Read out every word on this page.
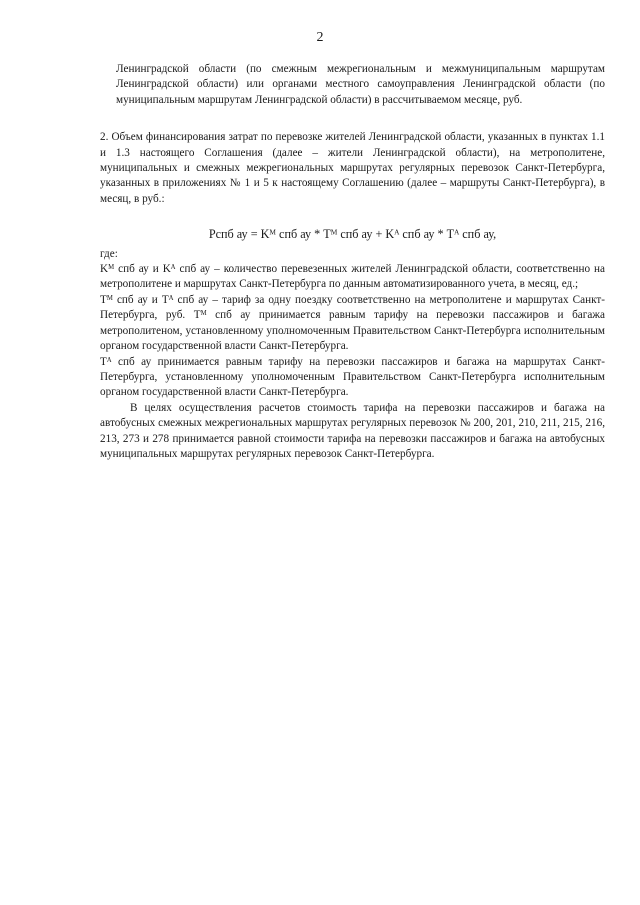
2

Ленинградской области (по смежным межрегиональным и межмуниципальным маршрутам Ленинградской области) или органами местного самоуправления Ленинградской области (по муниципальным маршрутам Ленинградской области) в рассчитываемом месяце, руб.

2. Объем финансирования затрат по перевозке жителей Ленинградской области, указанных в пунктах 1.1 и 1.3 настоящего Соглашения (далее – жители Ленинградской области), на метрополитене, муниципальных и смежных межрегиональных маршрутах регулярных перевозок Санкт-Петербурга, указанных в приложениях № 1 и 5 к настоящему Соглашению (далее – маршруты Санкт-Петербурга), в месяц, в руб.:

Pспб ау = Kᴹ спб ау * Tᴹ спб ау + Kᴬ спб ау * Tᴬ спб ау,

где:

Kᴹ спб ау и Kᴬ спб ау – количество перевезенных жителей Ленинградской области, соответственно на метрополитене и маршрутах Санкт-Петербурга по данным автоматизированного учета, в месяц, ед.;

Tᴹ спб ау и Tᴬ спб ау – тариф за одну поездку соответственно на метрополитене и маршрутах Санкт-Петербурга, руб. Tᴹ спб ау принимается равным тарифу на перевозки пассажиров и багажа метрополитеном, установленному уполномоченным Правительством Санкт-Петербурга исполнительным органом государственной власти Санкт-Петербурга.

Tᴬ спб ау принимается равным тарифу на перевозки пассажиров и багажа на маршрутах Санкт-Петербурга, установленному уполномоченным Правительством Санкт-Петербурга исполнительным органом государственной власти Санкт-Петербурга.

В целях осуществления расчетов стоимость тарифа на перевозки пассажиров и багажа на автобусных смежных межрегиональных маршрутах регулярных перевозок № 200, 201, 210, 211, 215, 216, 213, 273 и 278 принимается равной стоимости тарифа на перевозки пассажиров и багажа на автобусных муниципальных маршрутах регулярных перевозок Санкт-Петербурга.
